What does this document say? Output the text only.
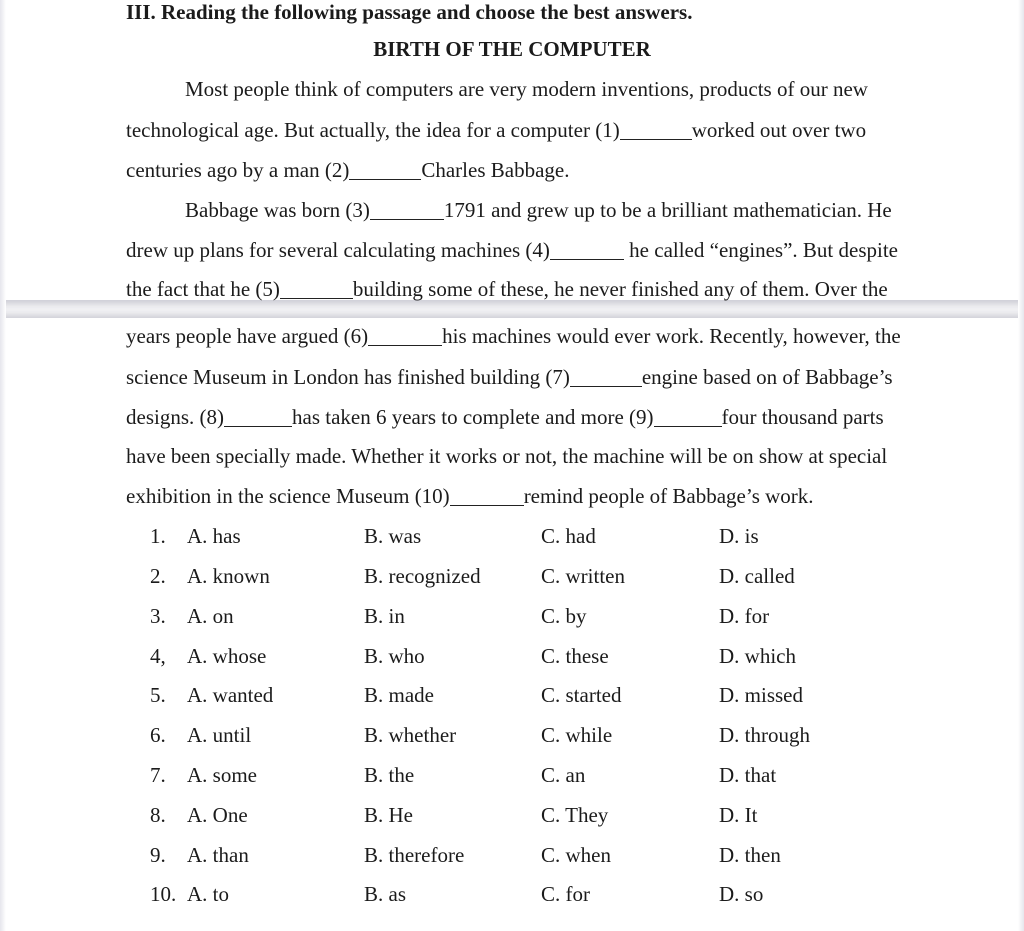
III. Reading the following passage and choose the best answers.
BIRTH OF THE COMPUTER
Most people think of computers are very modern inventions, products of our new
technological age. But actually, the idea for a computer (1)	worked out over two
centuries ago by a man (2)	Charles Babbage.
Babbage was born (3)	1791 and grew up to be a brilliant mathematician. He
drew up plans for several calculating machines (4)	he called “engines”. But despite
the fact that he (5)	building some of these, he never finished any of them. Over the
years people have argued (6)	his machines would ever work. Recently, however, the
science Museum in London has finished building (7)	engine based on of Babbage’s
designs. (8)	has taken 6 years to complete and more (9)	four thousand parts
have been specially made. Whether it works or not, the machine will be on show at special
exhibition in the science Museum (10)	remind people of Babbage’s work.
1. A. has	B. was	C. had	D. is
2. A. known	B. recognized	C. written	D. called
3. A. on	B. in	C. by	D. for
4, A. whose	B. who	C. these	D. which
5. A. wanted	B. made	C. started	D. missed
6. A. until	B. whether	C. while	D. through
7. A. some	B. the	C. an	D. that
8. A. One	B. He	C. They	D. It
9. A. than	B. therefore	C. when	D. then
10. A. to	B. as	C. for	D. so
